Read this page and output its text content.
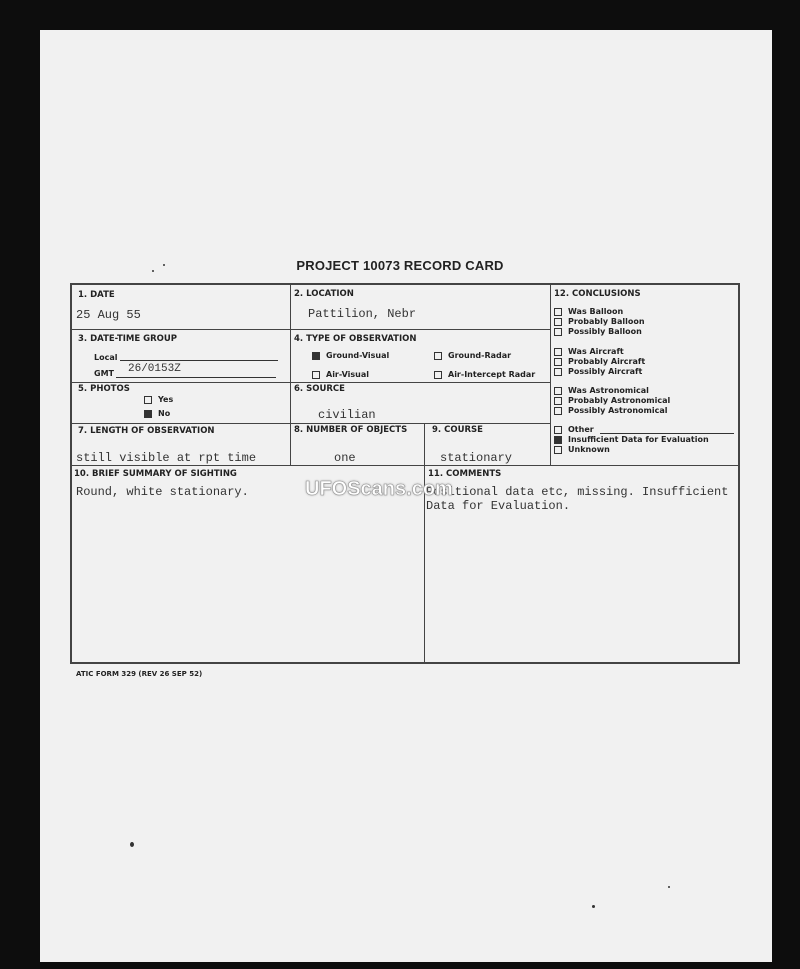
PROJECT 10073 RECORD CARD
1. DATE
25 Aug 55
2. LOCATION
Pattilion, Nebr
3. DATE-TIME GROUP
Local
GMT 26/0153Z
4. TYPE OF OBSERVATION
Ground-Visual	Ground-Radar
Air-Visual	Air-Intercept Radar
5. PHOTOS
Yes
No
6. SOURCE
civilian
7. LENGTH OF OBSERVATION
still visible at rpt time
8. NUMBER OF OBJECTS
one
9. COURSE
stationary
10. BRIEF SUMMARY OF SIGHTING
Round, white stationary.
11. COMMENTS
Positional data etc, missing. Insufficient
Data for Evaluation.
12. CONCLUSIONS
Was Balloon
Probably Balloon
Possibly Balloon
Was Aircraft
Probably Aircraft
Possibly Aircraft
Was Astronomical
Probably Astronomical
Possibly Astronomical
Other
Insufficient Data for Evaluation
Unknown
UFOScans.com
ATIC FORM 329 (REV 26 SEP 52)
